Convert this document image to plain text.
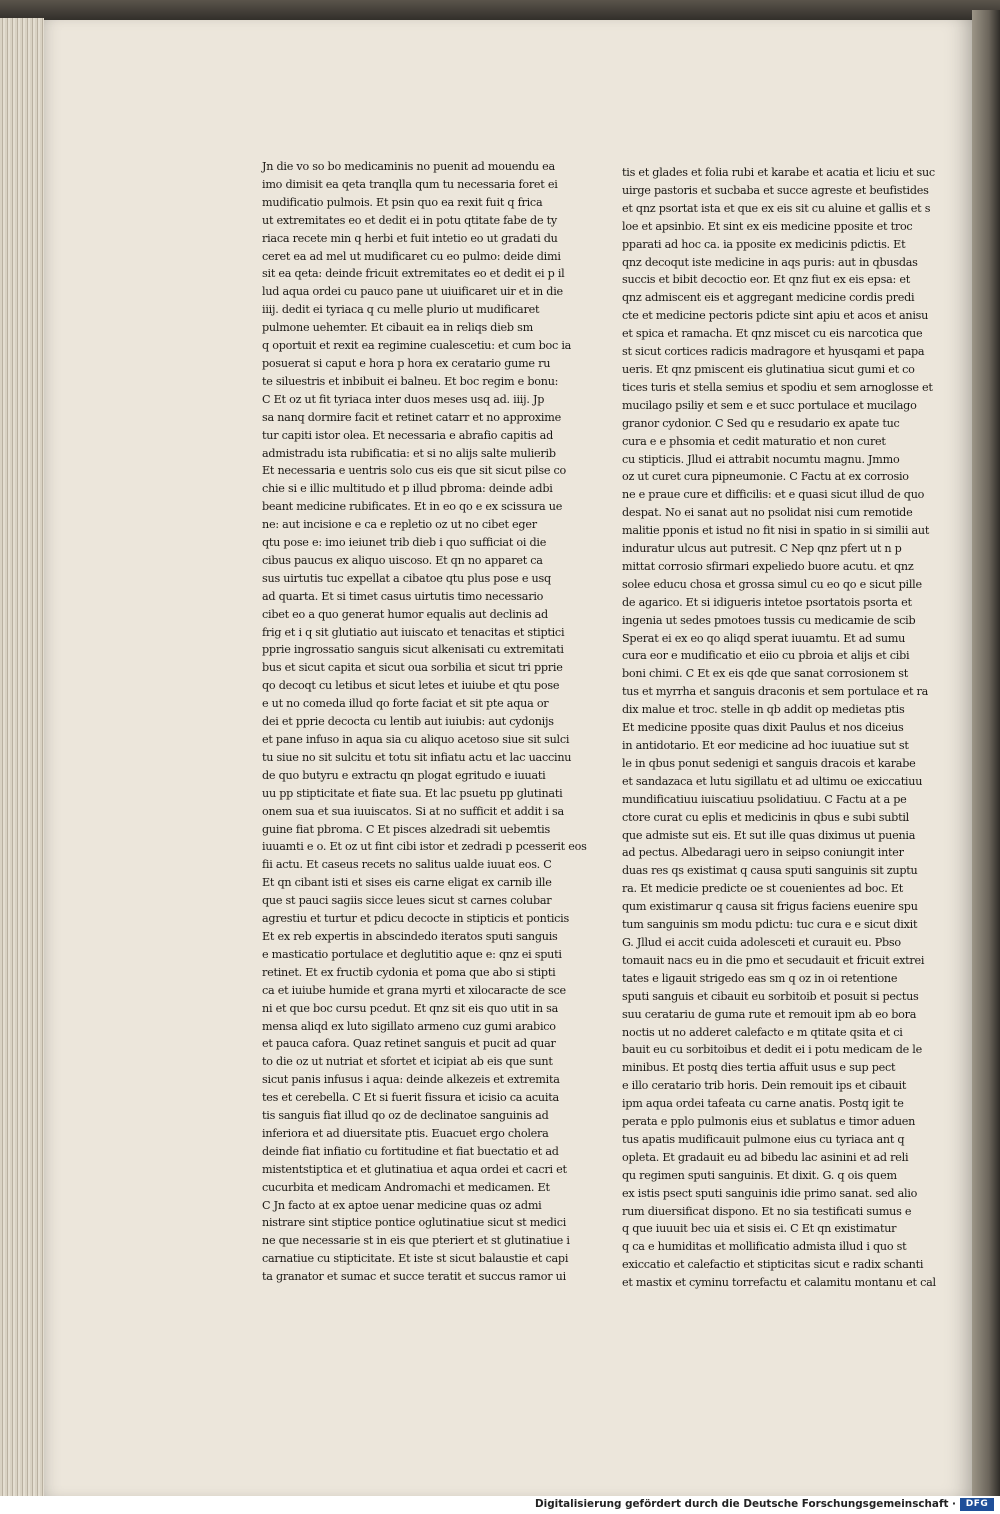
Jn die vo so bo medicaminis no puenit ad mouendu ea
imo dimisit ea qeta tranqlla qum tu necessaria foret ei
mudificatio pulmois. Et psin quo ea rexit fuit q frica
ut extremitates eo et dedit ei in potu qtitate fabe de ty
riaca recete min q herbi et fuit intetio eo ut gradati du
ceret ea ad mel ut mudificaret cu eo pulmo: deide dimi
sit ea qeta: deinde fricuit extremitates eo et dedit ei p il
lud aqua ordei cu pauco pane ut uiuificaret uir et in die
iiij. dedit ei tyriaca q cu melle plurio ut mudificaret
pulmone uehemter. Et cibauit ea in reliqs dieb sm
q oportuit et rexit ea regimine cualescetiu: et cum boc ia
posuerat si caput e hora p hora ex ceratario gume ru
te siluestris et inbibuit ei balneu. Et boc regim e bonu:
C Et oz ut fit tyriaca inter duos meses usq ad. iiij. Jp
sa nanq dormire facit et retinet catarr et no approxime
tur capiti istor olea. Et necessaria e abrafio capitis ad
admistradu ista rubificatia: et si no alijs salte mulierib
Et necessaria e uentris solo cus eis que sit sicut pilse co
chie si e illic multitudo et p illud pbroma: deinde adbi
beant medicine rubificates. Et in eo qo e ex scissura ue
ne: aut incisione e ca e repletio oz ut no cibet eger
qtu pose e: imo ieiunet trib dieb i quo sufficiat oi die
cibus paucus ex aliquo uiscoso. Et qn no apparet ca
sus uirtutis tuc expellat a cibatoe qtu plus pose e usq
ad quarta. Et si timet casus uirtutis timo necessario
cibet eo a quo generat humor equalis aut declinis ad
frig et i q sit glutiatio aut iuiscato et tenacitas et stiptici
pprie ingrossatio sanguis sicut alkenisati cu extremitati
bus et sicut capita et sicut oua sorbilia et sicut tri pprie
qo decoqt cu letibus et sicut letes et iuiube et qtu pose
e ut no comeda illud qo forte faciat et sit pte aqua or
dei et pprie decocta cu lentib aut iuiubis: aut cydonijs
et pane infuso in aqua sia cu aliquo acetoso siue sit sulci
tu siue no sit sulcitu et totu sit infiatu actu et lac uaccinu
de quo butyru e extractu qn plogat egritudo e iuuati
uu pp stipticitate et fiate sua. Et lac psuetu pp glutinati
onem sua et sua iuuiscatos. Si at no sufficit et addit i sa
guine fiat pbroma. C Et pisces alzedradi sit uebemtis
iuuamti e o. Et oz ut fint cibi istor et zedradi p pcesserit eos
fii actu. Et caseus recets no salitus ualde iuuat eos. C
Et qn cibant isti et sises eis carne eligat ex carnib ille
que st pauci sagiis sicce leues sicut st carnes colubar
agrestiu et turtur et pdicu decocte in stipticis et ponticis
Et ex reb expertis in abscindedo iteratos sputi sanguis
e masticatio portulace et deglutitio aque e: qnz ei sputi
retinet. Et ex fructib cydonia et poma que abo si stipti
ca et iuiube humide et grana myrti et xilocaracte de sce
ni et que boc cursu pcedut. Et qnz sit eis quo utit in sa
mensa aliqd ex luto sigillato armeno cuz gumi arabico
et pauca cafora. Quaz retinet sanguis et pucit ad quar
to die oz ut nutriat et sfortet et icipiat ab eis que sunt
sicut panis infusus i aqua: deinde alkezeis et extremita
tes et cerebella. C Et si fuerit fissura et icisio ca acuita
tis sanguis fiat illud qo oz de declinatoe sanguinis ad
inferiora et ad diuersitate ptis. Euacuet ergo cholera
deinde fiat infiatio cu fortitudine et fiat buectatio et ad
mistentstiptica et et glutinatiua et aqua ordei et cacri et
cucurbita et medicam Andromachi et medicamen. Et
C Jn facto at ex aptoe uenar medicine quas oz admi
nistrare sint stiptice pontice oglutinatiue sicut st medici
ne que necessarie st in eis que pteriert et st glutinatiue i
carnatiue cu stipticitate. Et iste st sicut balaustie et capi
ta granator et sumac et succe teratit et succus ramor ui
tis et glades et folia rubi et karabe et acatia et liciu et suc
uirge pastoris et sucbaba et succe agreste et beufistides
et qnz psortat ista et que ex eis sit cu aluine et gallis et s
loe et apsinbio. Et sint ex eis medicine pposite et troc
pparati ad hoc ca. ia pposite ex medicinis pdictis. Et
qnz decoqut iste medicine in aqs puris: aut in qbusdas
succis et bibit decoctio eor. Et qnz fiut ex eis epsa: et
qnz admiscent eis et aggregant medicine cordis predi
cte et medicine pectoris pdicte sint apiu et acos et anisu
et spica et ramacha. Et qnz miscet cu eis narcotica que
st sicut cortices radicis madragore et hyusqami et papa
ueris. Et qnz pmiscent eis glutinatiua sicut gumi et co
tices turis et stella semius et spodiu et sem arnoglosse et
mucilago psiliy et sem e et succ portulace et mucilago
granor cydonior. C Sed qu e resudario ex apate tuc
cura e e phsomia et cedit maturatio et non curet
cu stipticis. Jllud ei attrabit nocumtu magnu. Jmmo
oz ut curet cura pipneumonie. C Factu at ex corrosio
ne e praue cure et difficilis: et e quasi sicut illud de quo
despat. No ei sanat aut no psolidat nisi cum remotide
malitie pponis et istud no fit nisi in spatio in si similii aut
induratur ulcus aut putresit. C Nep qnz pfert ut n p
mittat corrosio sfirmari expeliedo buore acutu. et qnz
solee educu chosa et grossa simul cu eo qo e sicut pille
de agarico. Et si idigueris intetoe psortatois psorta et
ingenia ut sedes pmotoes tussis cu medicamie de scib
Sperat ei ex eo qo aliqd sperat iuuamtu. Et ad sumu
cura eor e mudificatio et eiio cu pbroia et alijs et cibi
boni chimi. C Et ex eis qde que sanat corrosionem st
tus et myrrha et sanguis draconis et sem portulace et ra
dix malue et troc. stelle in qb addit op medietas ptis
Et medicine pposite quas dixit Paulus et nos diceius
in antidotario. Et eor medicine ad hoc iuuatiue sut st
le in qbus ponut sedenigi et sanguis dracois et karabe
et sandazaca et lutu sigillatu et ad ultimu oe exiccatiuu
mundificatiuu iuiscatiuu psolidatiuu. C Factu at a pe
ctore curat cu eplis et medicinis in qbus e subi subtil
que admiste sut eis. Et sut ille quas diximus ut puenia
ad pectus. Albedaragi uero in seipso coniungit inter
duas res qs existimat q causa sputi sanguinis sit zuptu
ra. Et medicie predicte oe st couenientes ad boc. Et
qum existimarur q causa sit frigus faciens euenire spu
tum sanguinis sm modu pdictu: tuc cura e e sicut dixit
G. Jllud ei accit cuida adolesceti et curauit eu. Pbso
tomauit nacs eu in die pmo et secudauit et fricuit extrei
tates e ligauit strigedo eas sm q oz in oi retentione
sputi sanguis et cibauit eu sorbitoib et posuit si pectus
suu ceratariu de guma rute et remouit ipm ab eo bora
noctis ut no adderet calefacto e m qtitate qsita et ci
bauit eu cu sorbitoibus et dedit ei i potu medicam de le
minibus. Et postq dies tertia affuit usus e sup pect
e illo ceratario trib horis. Dein remouit ips et cibauit
ipm aqua ordei tafeata cu carne anatis. Postq igit te
perata e pplo pulmonis eius et sublatus e timor aduen
tus apatis mudificauit pulmone eius cu tyriaca ant q
opleta. Et gradauit eu ad bibedu lac asinini et ad reli
qu regimen sputi sanguinis. Et dixit. G. q ois quem
ex istis psect sputi sanguinis idie primo sanat. sed alio
rum diuersificat dispono. Et no sia testificati sumus e
q que iuuuit bec uia et sisis ei. C Et qn existimatur
q ca e humiditas et mollificatio admista illud i quo st
exiccatio et calefactio et stipticitas sicut e radix schanti
et mastix et cyminu torrefactu et calamitu montanu et cal
Digitalisierung gefördert durch die Deutsche Forschungsgemeinschaft ·	DFG
